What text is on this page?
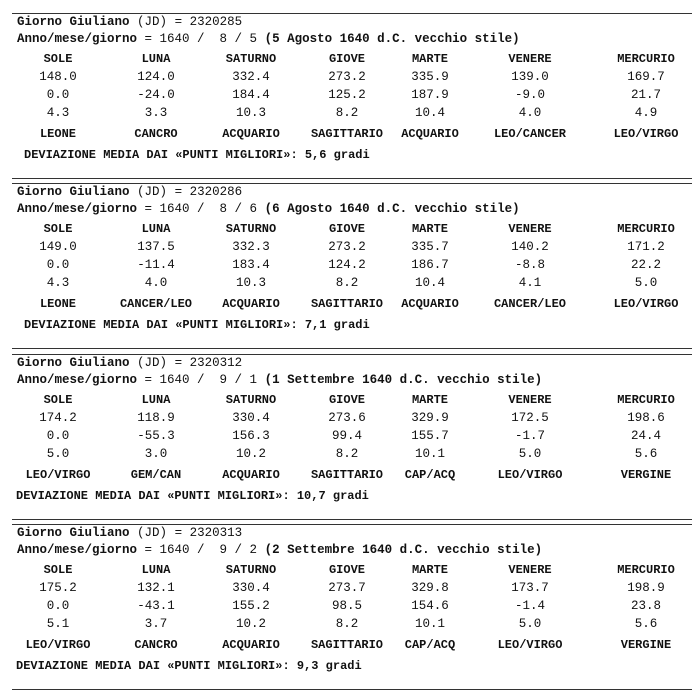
Giorno Giuliano (JD) = 2320285
Anno/mese/giorno = 1640 /  8 / 5 (5 Agosto 1640 d.C. vecchio stile)
SOLE	LUNA	SATURNO	GIOVE	MARTE	VENERE	MERCURIO
148.0	124.0	332.4	273.2	335.9	139.0	169.7
0.0	-24.0	184.4	125.2	187.9	-9.0	21.7
4.3	3.3	10.3	8.2	10.4	4.0	4.9
LEONE	CANCRO	ACQUARIO	SAGITTARIO	ACQUARIO	LEO/CANCER	LEO/VIRGO
DEVIAZIONE MEDIA DAI «PUNTI MIGLIORI»: 5,6 gradi
Giorno Giuliano (JD) = 2320286
Anno/mese/giorno = 1640 /  8 / 6 (6 Agosto 1640 d.C. vecchio stile)
SOLE	LUNA	SATURNO	GIOVE	MARTE	VENERE	MERCURIO
149.0	137.5	332.3	273.2	335.7	140.2	171.2
0.0	-11.4	183.4	124.2	186.7	-8.8	22.2
4.3	4.0	10.3	8.2	10.4	4.1	5.0
LEONE	CANCER/LEO	ACQUARIO	SAGITTARIO	ACQUARIO	CANCER/LEO	LEO/VIRGO
DEVIAZIONE MEDIA DAI «PUNTI MIGLIORI»: 7,1 gradi
Giorno Giuliano (JD) = 2320312
Anno/mese/giorno = 1640 /  9 / 1 (1 Settembre 1640 d.C. vecchio stile)
SOLE	LUNA	SATURNO	GIOVE	MARTE	VENERE	MERCURIO
174.2	118.9	330.4	273.6	329.9	172.5	198.6
0.0	-55.3	156.3	99.4	155.7	-1.7	24.4
5.0	3.0	10.2	8.2	10.1	5.0	5.6
LEO/VIRGO	GEM/CAN	ACQUARIO	SAGITTARIO	CAP/ACQ	LEO/VIRGO	VERGINE
DEVIAZIONE MEDIA DAI «PUNTI MIGLIORI»: 10,7 gradi
Giorno Giuliano (JD) = 2320313
Anno/mese/giorno = 1640 /  9 / 2 (2 Settembre 1640 d.C. vecchio stile)
SOLE	LUNA	SATURNO	GIOVE	MARTE	VENERE	MERCURIO
175.2	132.1	330.4	273.7	329.8	173.7	198.9
0.0	-43.1	155.2	98.5	154.6	-1.4	23.8
5.1	3.7	10.2	8.2	10.1	5.0	5.6
LEO/VIRGO	CANCRO	ACQUARIO	SAGITTARIO	CAP/ACQ	LEO/VIRGO	VERGINE
DEVIAZIONE MEDIA DAI «PUNTI MIGLIORI»: 9,3 gradi
